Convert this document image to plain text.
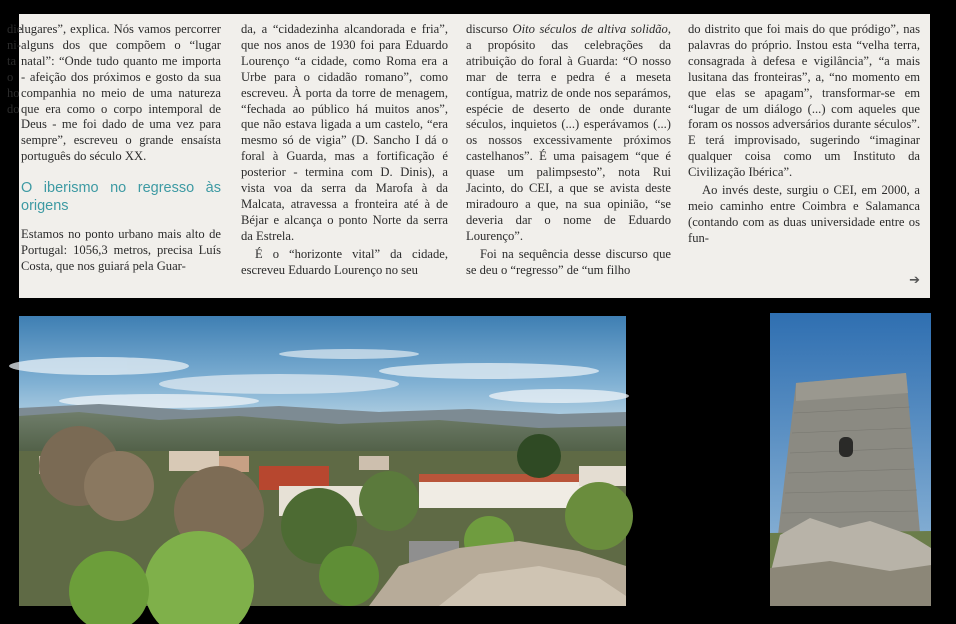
die
ni-
ta
o
ho
do

lugares”, explica. Nós vamos percorrer alguns dos que compõem o “lugar natal”: “Onde tudo quanto me importa - afeição dos próximos e gosto da sua companhia no meio de uma natureza que era como o corpo intemporal de Deus - me foi dado de uma vez para sempre”, escreveu o grande ensaísta português do século XX.

O iberismo no regresso às origens

Estamos no ponto urbano mais alto de Portugal: 1056,3 metros, precisa Luís Costa, que nos guiará pela Guar-

da, a “cidadezinha alcandorada e fria”, que nos anos de 1930 foi para Eduardo Lourenço “a cidade, como Roma era a Urbe para o cidadão romano”, como escreveu. À porta da torre de menagem, “fechada ao público há muitos anos”, que não estava ligada a um castelo, “era mesmo só de vigia” (D. Sancho I dá o foral à Guarda, mas a fortificação é posterior - termina com D. Dinis), a vista voa da serra da Marofa à da Malcata, atravessa a fronteira até à de Béjar e alcança o ponto Norte da serra da Estrela.

É o “horizonte vital” da cidade, escreveu Eduardo Lourenço no seu

discurso Oito séculos de altiva solidão, a propósito das celebrações da atribuição do foral à Guarda: “O nosso mar de terra e pedra é a meseta contígua, matriz de onde nos separámos, espécie de deserto de onde durante séculos, inquietos (...) esperávamos (...) os nossos excessivamente próximos castelhanos”. É uma paisagem “que é quase um palimpsesto”, nota Rui Jacinto, do CEI, a que se avista deste miradouro a que, na sua opinião, “se deveria dar o nome de Eduardo Lourenço”.

Foi na sequência desse discurso que se deu o “regresso” de “um filho

do distrito que foi mais do que pródigo”, nas palavras do próprio. Instou esta “velha terra, consagrada à defesa e vigilância”, “a mais lusitana das fronteiras”, a, “no momento em que elas se apagam”, transformar-se em “lugar de um diálogo (...) com aqueles que foram os nossos adversários durante séculos”. E terá improvisado, sugerindo “imaginar qualquer coisa como um Instituto da Civilização Ibérica”.

Ao invés deste, surgiu o CEI, em 2000, a meio caminho entre Coimbra e Salamanca (contando com as duas universidade entre os fun-

➔
